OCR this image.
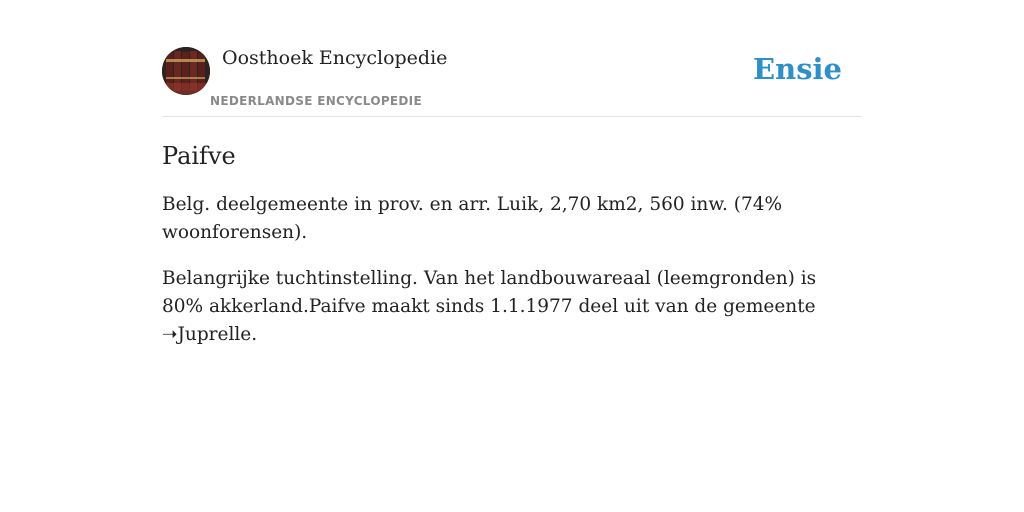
Oosthoek Encyclopedie
NEDERLANDSE ENCYCLOPEDIE
Ensie
Paifve

Belg. deelgemeente in prov. en arr. Luik, 2,70 km2, 560 inw. (74% woonforensen).

Belangrijke tuchtinstelling. Van het landbouwareaal (leemgronden) is 80% akkerland.Paifve maakt sinds 1.1.1977 deel uit van de gemeente ➝Juprelle.
